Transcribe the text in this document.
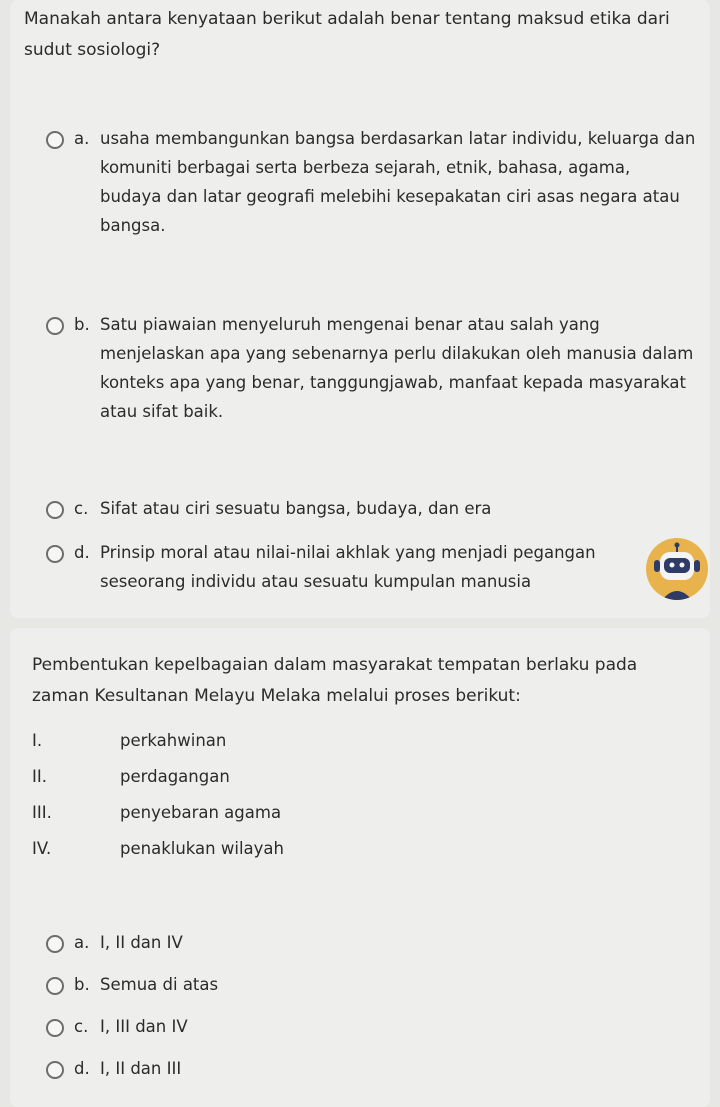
Manakah antara kenyataan berikut adalah benar tentang maksud etika dari sudut sosiologi?
a. usaha membangunkan bangsa berdasarkan latar individu, keluarga dan komuniti berbagai serta berbeza sejarah, etnik, bahasa, agama, budaya dan latar geografi melebihi kesepakatan ciri asas negara atau bangsa.
b. Satu piawaian menyeluruh mengenai benar atau salah yang menjelaskan apa yang sebenarnya perlu dilakukan oleh manusia dalam konteks apa yang benar, tanggungjawab, manfaat kepada masyarakat atau sifat baik.
c. Sifat atau ciri sesuatu bangsa, budaya, dan era
d. Prinsip moral atau nilai-nilai akhlak yang menjadi pegangan seseorang individu atau sesuatu kumpulan manusia
Pembentukan kepelbagaian dalam masyarakat tempatan berlaku pada zaman Kesultanan Melayu Melaka melalui proses berikut:
I.	perkahwinan
II.	perdagangan
III.	penyebaran agama
IV.	penaklukan wilayah
a. I, II dan IV
b. Semua di atas
c. I, III dan IV
d. I, II dan III
